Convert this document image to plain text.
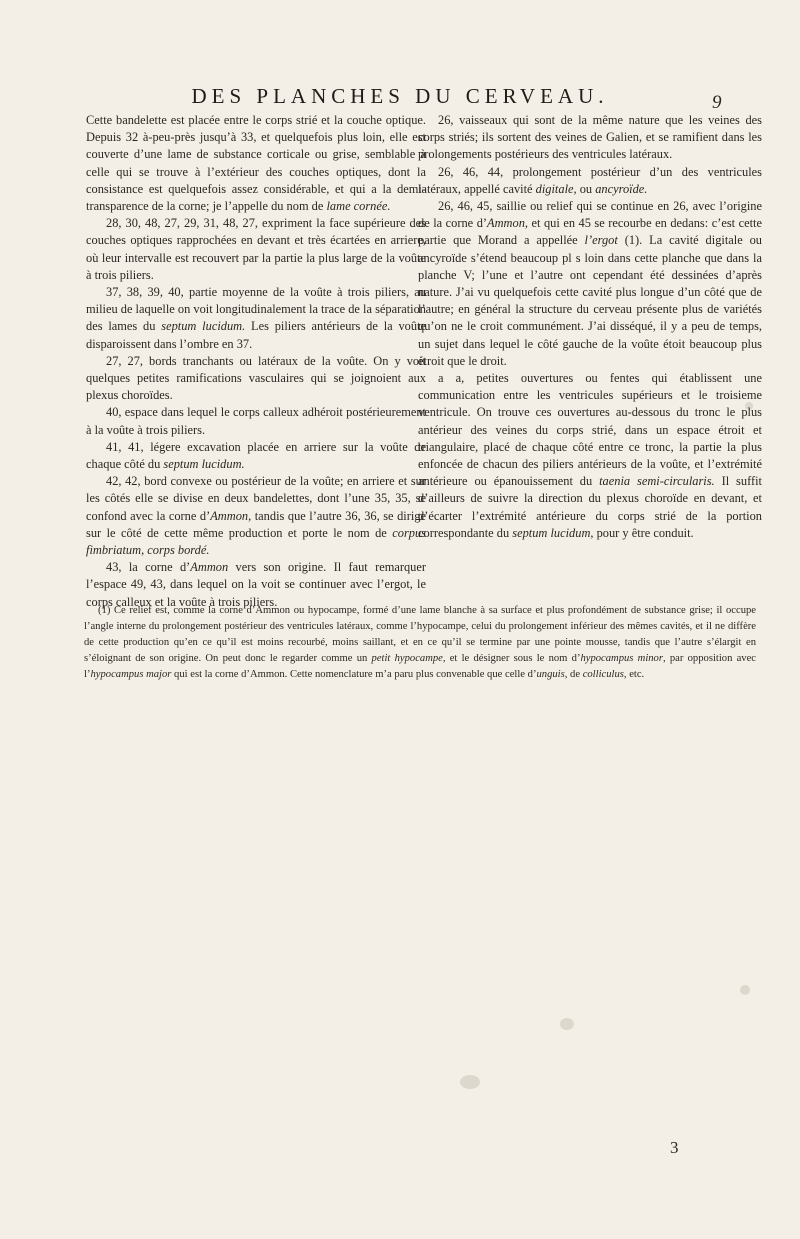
DES PLANCHES DU CERVEAU.	9

Cette bandelette est placée entre le corps strié et la couche optique. Depuis 32 à-peu-près jusqu’à 33, et quelquefois plus loin, elle est couverte d’une lame de substance corticale ou grise, semblable à celle qui se trouve à l’extérieur des couches optiques, dont la consistance est quelquefois assez considérable, et qui a la demi-transparence de la corne; je l’appelle du nom de lame cornée.

28, 30, 48, 27, 29, 31, 48, 27, expriment la face supérieure des couches optiques rapprochées en devant et très écartées en arriere, où leur intervalle est recouvert par la partie la plus large de la voûte à trois piliers.

37, 38, 39, 40, partie moyenne de la voûte à trois piliers, au milieu de laquelle on voit longitudinalement la trace de la séparation des lames du septum lucidum. Les piliers antérieurs de la voûte disparoissent dans l’ombre en 37.

27, 27, bords tranchants ou latéraux de la voûte. On y voit quelques petites ramifications vasculaires qui se joignoient aux plexus choroïdes.

40, espace dans lequel le corps calleux adhéroit postérieurement à la voûte à trois piliers.

41, 41, légere excavation placée en arriere sur la voûte de chaque côté du septum lucidum.

42, 42, bord convexe ou postérieur de la voûte; en arriere et sur les côtés elle se divise en deux bandelettes, dont l’une 35, 35, se confond avec la corne d’Ammon, tandis que l’autre 36, 36, se dirige sur le côté de cette même production et porte le nom de corpus fimbriatum, corps bordé.

43, la corne d’Ammon vers son origine. Il faut remarquer l’espace 49, 43, dans lequel on la voit se continuer avec l’ergot, le corps calleux et la voûte à trois piliers.

26, vaisseaux qui sont de la même nature que les veines des corps striés; ils sortent des veines de Galien, et se ramifient dans les prolongements postérieurs des ventricules latéraux.

26, 46, 44, prolongement postérieur d’un des ventricules latéraux, appellé cavité digitale, ou ancyroïde.

26, 46, 45, saillie ou relief qui se continue en 26, avec l’origine de la corne d’Ammon, et qui en 45 se recourbe en dedans: c’est cette partie que Morand a appellée l’ergot (1). La cavité digitale ou ancyroïde s’étend beaucoup pl s loin dans cette planche que dans la planche V; l’une et l’autre ont cependant été dessinées d’après nature. J’ai vu quelquefois cette cavité plus longue d’un côté que de l’autre; en général la structure du cerveau présente plus de variétés qu’on ne le croit communément. J’ai disséqué, il y a peu de temps, un sujet dans lequel le côté gauche de la voûte étoit beaucoup plus étroit que le droit.

a a, petites ouvertures ou fentes qui établissent une communication entre les ventricules supérieurs et le troisieme ventricule. On trouve ces ouvertures au-dessous du tronc le plus antérieur des veines du corps strié, dans un espace étroit et triangulaire, placé de chaque côté entre ce tronc, la partie la plus enfoncée de chacun des piliers antérieurs de la voûte, et l’extrémité antérieure ou épanouissement du taenia semi-circularis. Il suffit d’ailleurs de suivre la direction du plexus choroïde en devant, et d’écarter l’extrémité antérieure du corps strié de la portion correspondante du septum lucidum, pour y être conduit.

(1) Ce relief est, comme la corne d’Ammon ou hypocampe, formé d’une lame blanche à sa surface et plus profondément de substance grise; il occupe l’angle interne du prolongement postérieur des ventricules latéraux, comme l’hypocampe, celui du prolongement inférieur des mêmes cavités, et il ne diffère de cette production qu’en ce qu’il est moins recourbé, moins saillant, et en ce qu’il se termine par une pointe mousse, tandis que l’autre s’élargit en s’éloignant de son origine. On peut donc le regarder comme un petit hypocampe, et le désigner sous le nom d’hypocampus minor, par opposition avec l’hypocampus major qui est la corne d’Ammon. Cette nomenclature m’a paru plus convenable que celle d’unguis, de colliculus, etc.

3
